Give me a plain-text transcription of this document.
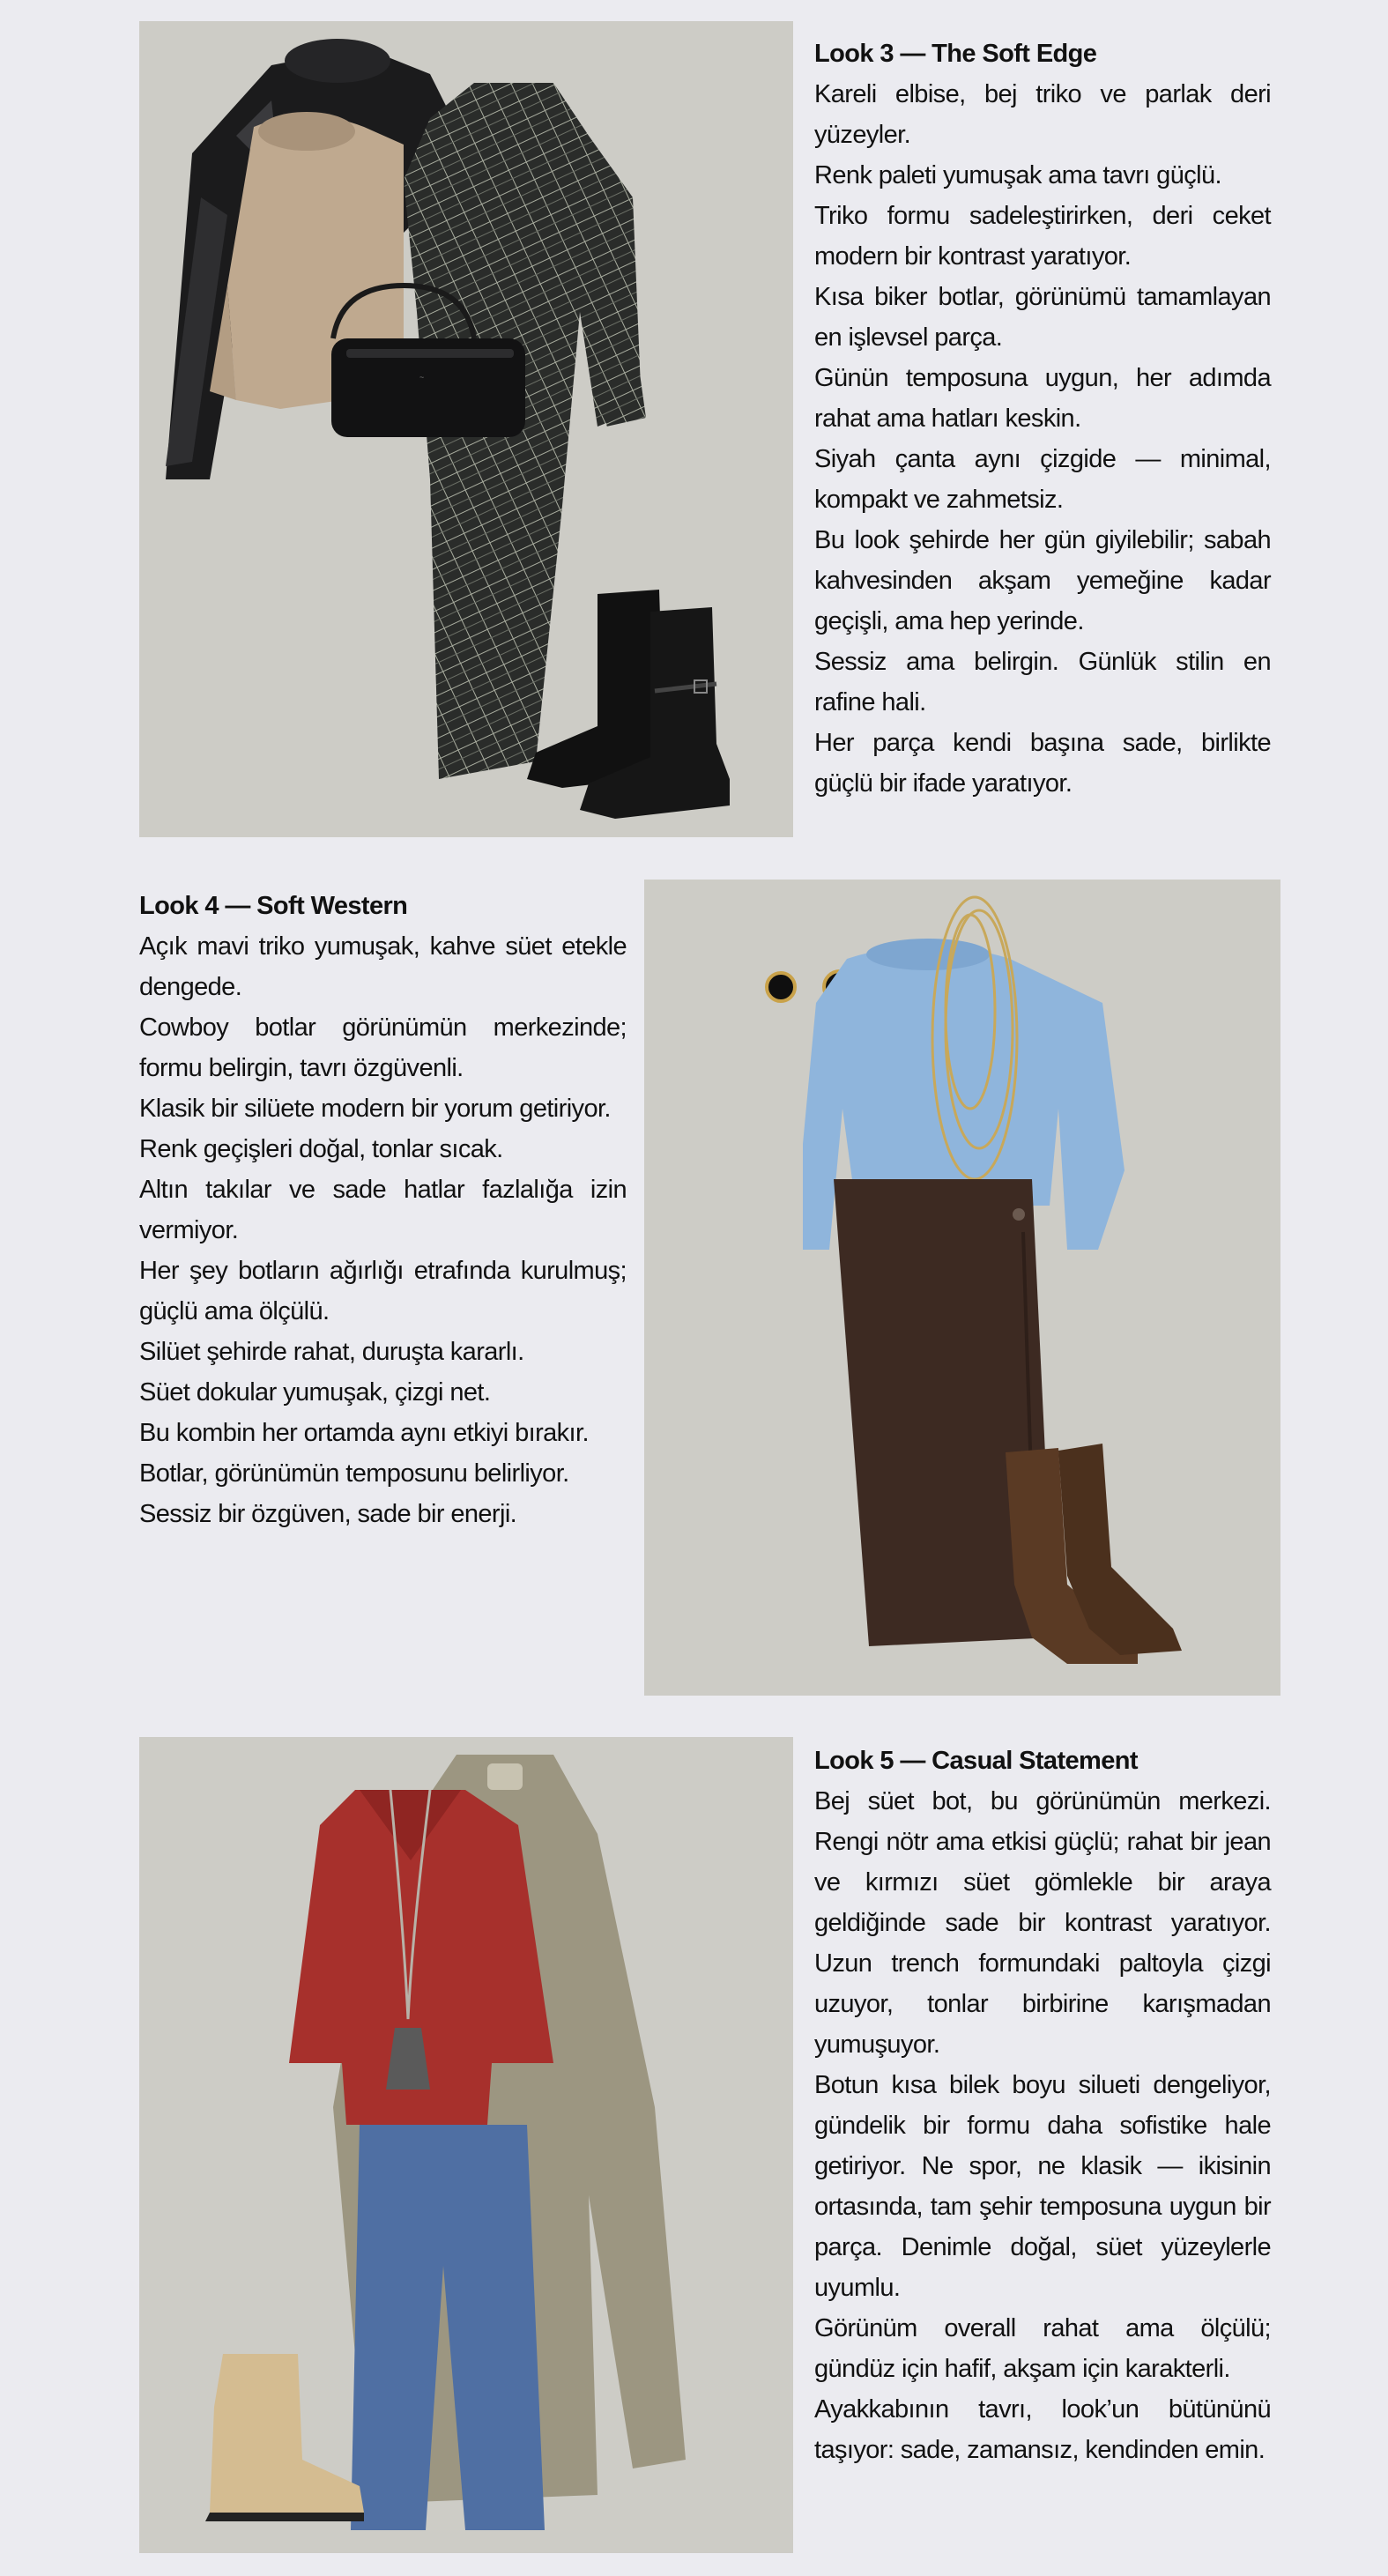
~
Look 3 — The Soft Edge

Kareli elbise, bej triko ve parlak deri yüzeyler.

Renk paleti yumuşak ama tavrı güçlü.

Triko formu sadeleştirirken, deri ceket modern bir kontrast yaratıyor.

Kısa biker botlar, görünümü tamamlayan en işlevsel parça.

Günün temposuna uygun, her adımda rahat ama hatları keskin.

Siyah çanta aynı çizgide — minimal, kompakt ve zahmetsiz.

Bu look şehirde her gün giyilebilir; sabah kahvesinden akşam yemeğine kadar geçişli, ama hep yerinde.

Sessiz ama belirgin. Günlük stilin en rafine hali.

Her parça kendi başına sade, birlikte güçlü bir ifade yaratıyor.

Look 4 — Soft Western

Açık mavi triko yumuşak, kahve süet etekle dengede.

Cowboy botlar görünümün merkezinde; formu belirgin, tavrı özgüvenli.

Klasik bir silüete modern bir yorum getiriyor.

Renk geçişleri doğal, tonlar sıcak.

Altın takılar ve sade hatlar fazlalığa izin vermiyor.

Her şey botların ağırlığı etrafında kurulmuş; güçlü ama ölçülü.

Silüet şehirde rahat, duruşta kararlı.

Süet dokular yumuşak, çizgi net.

Bu kombin her ortamda aynı etkiyi bırakır.

Botlar, görünümün temposunu belirliyor.

Sessiz bir özgüven, sade bir enerji.

Look 5 — Casual Statement

Bej süet bot, bu görünümün merkezi. Rengi nötr ama etkisi güçlü; rahat bir jean ve kırmızı süet gömlekle bir araya geldiğinde sade bir kontrast yaratıyor. Uzun trench formundaki paltoyla çizgi uzuyor, tonlar birbirine karışmadan yumuşuyor.

Botun kısa bilek boyu silueti dengeliyor, gündelik bir formu daha sofistike hale getiriyor. Ne spor, ne klasik — ikisinin ortasında, tam şehir temposuna uygun bir parça. Denimle doğal, süet yüzeylerle uyumlu.

Görünüm overall rahat ama ölçülü; gündüz için hafif, akşam için karakterli.

Ayakkabının tavrı, look’un bütününü taşıyor: sade, zamansız, kendinden emin.
